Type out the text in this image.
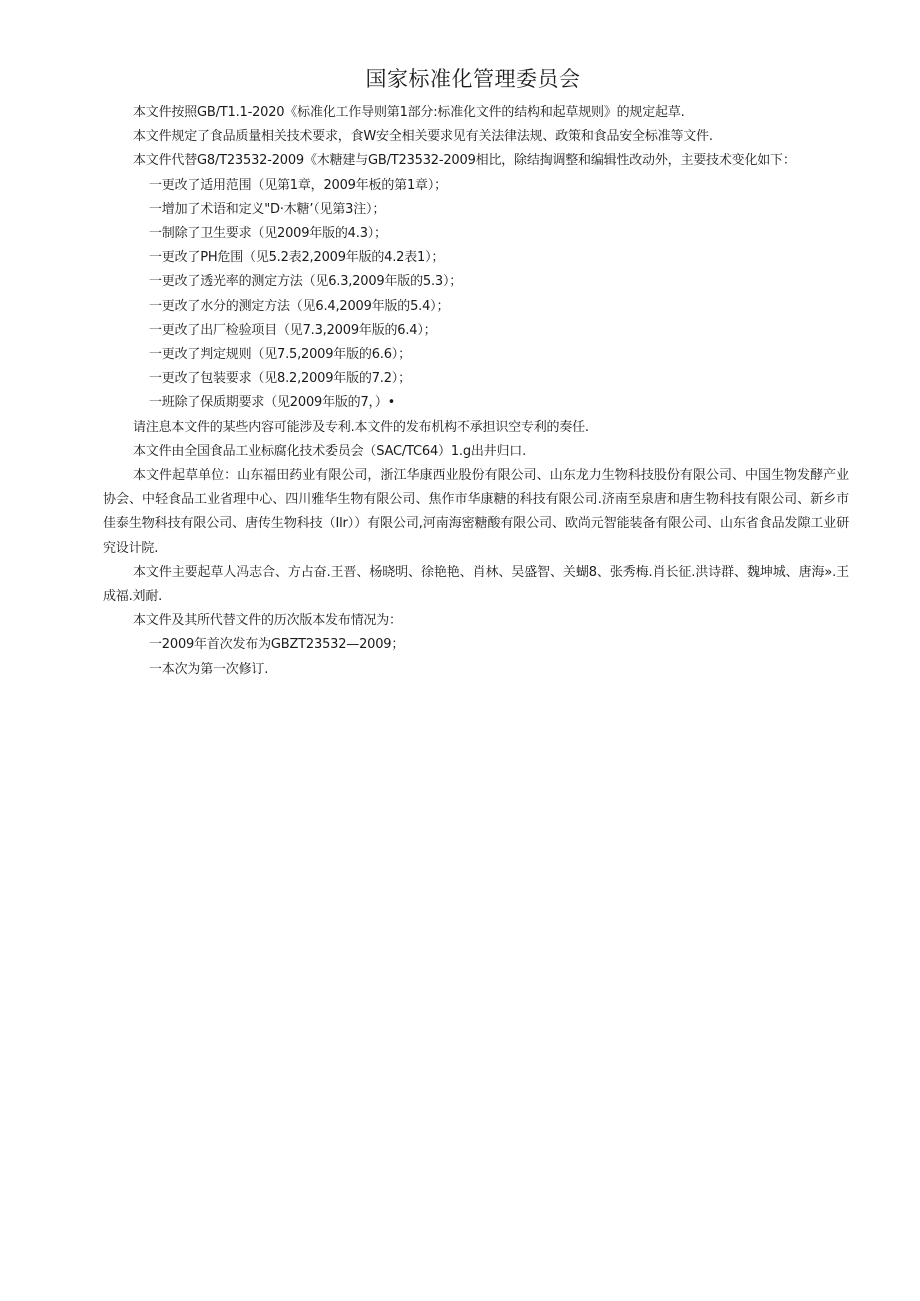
国家标准化管理委员会

本文件按照GB/T1.1-2020《标准化工作导则第1部分:标准化文件的结构和起草规则》的规定起草.

本文件规定了食品质量相关技术要求，食W安全相关要求见有关法律法规、政策和食品安全标准等文件.

本文件代替G8/T23532-2009《木糖建与GB/T23532-2009相比，除结掏调整和编辑性改动外，主要技术变化如下：

一更改了适用范围（见第1章，2009年板的第1章）；
一增加了术语和定义"D·木糖’（见第3注）；
一制除了卫生要求（见2009年版的4.3）；
一更改了PH危围（见5.2表2,2009年版的4.2表1）；
一更改了透光率的测定方法（见6.3,2009年版的5.3）；
一更改了水分的测定方法（见6.4,2009年版的5.4）；
一更改了出厂检验项目（见7.3,2009年版的6.4）；
一更改了判定规则（见7.5,2009年版的6.6）；
一更改了包装要求（见8.2,2009年版的7.2）；
一班除了保质期要求（见2009年版的7，）•

请注息本文件的某些内容可能涉及专利.本文件的发布机构不承担识空专利的奏任.

本文件由全国食品工业标腐化技术委员会（SAC/TC64）1.g出井归口.

本文件起草单位：山东福田药业有限公司，浙江华康西业股份有限公司、山东龙力生物科技股份有限公司、中国生物发酵产业协会、中轻食品工业省理中心、四川雅华生物有限公司、焦作市华康糖的科技有限公司.济南至泉唐和唐生物科技有限公司、新乡市佳泰生物科技有限公司、唐传生物科技（Ilr））有限公司,河南海密糖酸有限公司、欧尚元智能装备有限公司、山东省食品发隙工业研究设计院.

本文件主要起草人冯志合、方占奋.王晋、杨晓明、徐艳艳、肖林、吴盛智、关蝴8、张秀梅.肖长征.洪诗群、魏坤城、唐海».王成福.刘耐.

本文件及其所代替文件的历次版本发布情况为：

一2009年首次发布为GBZT23532—2009；
一本次为第一次修订.
